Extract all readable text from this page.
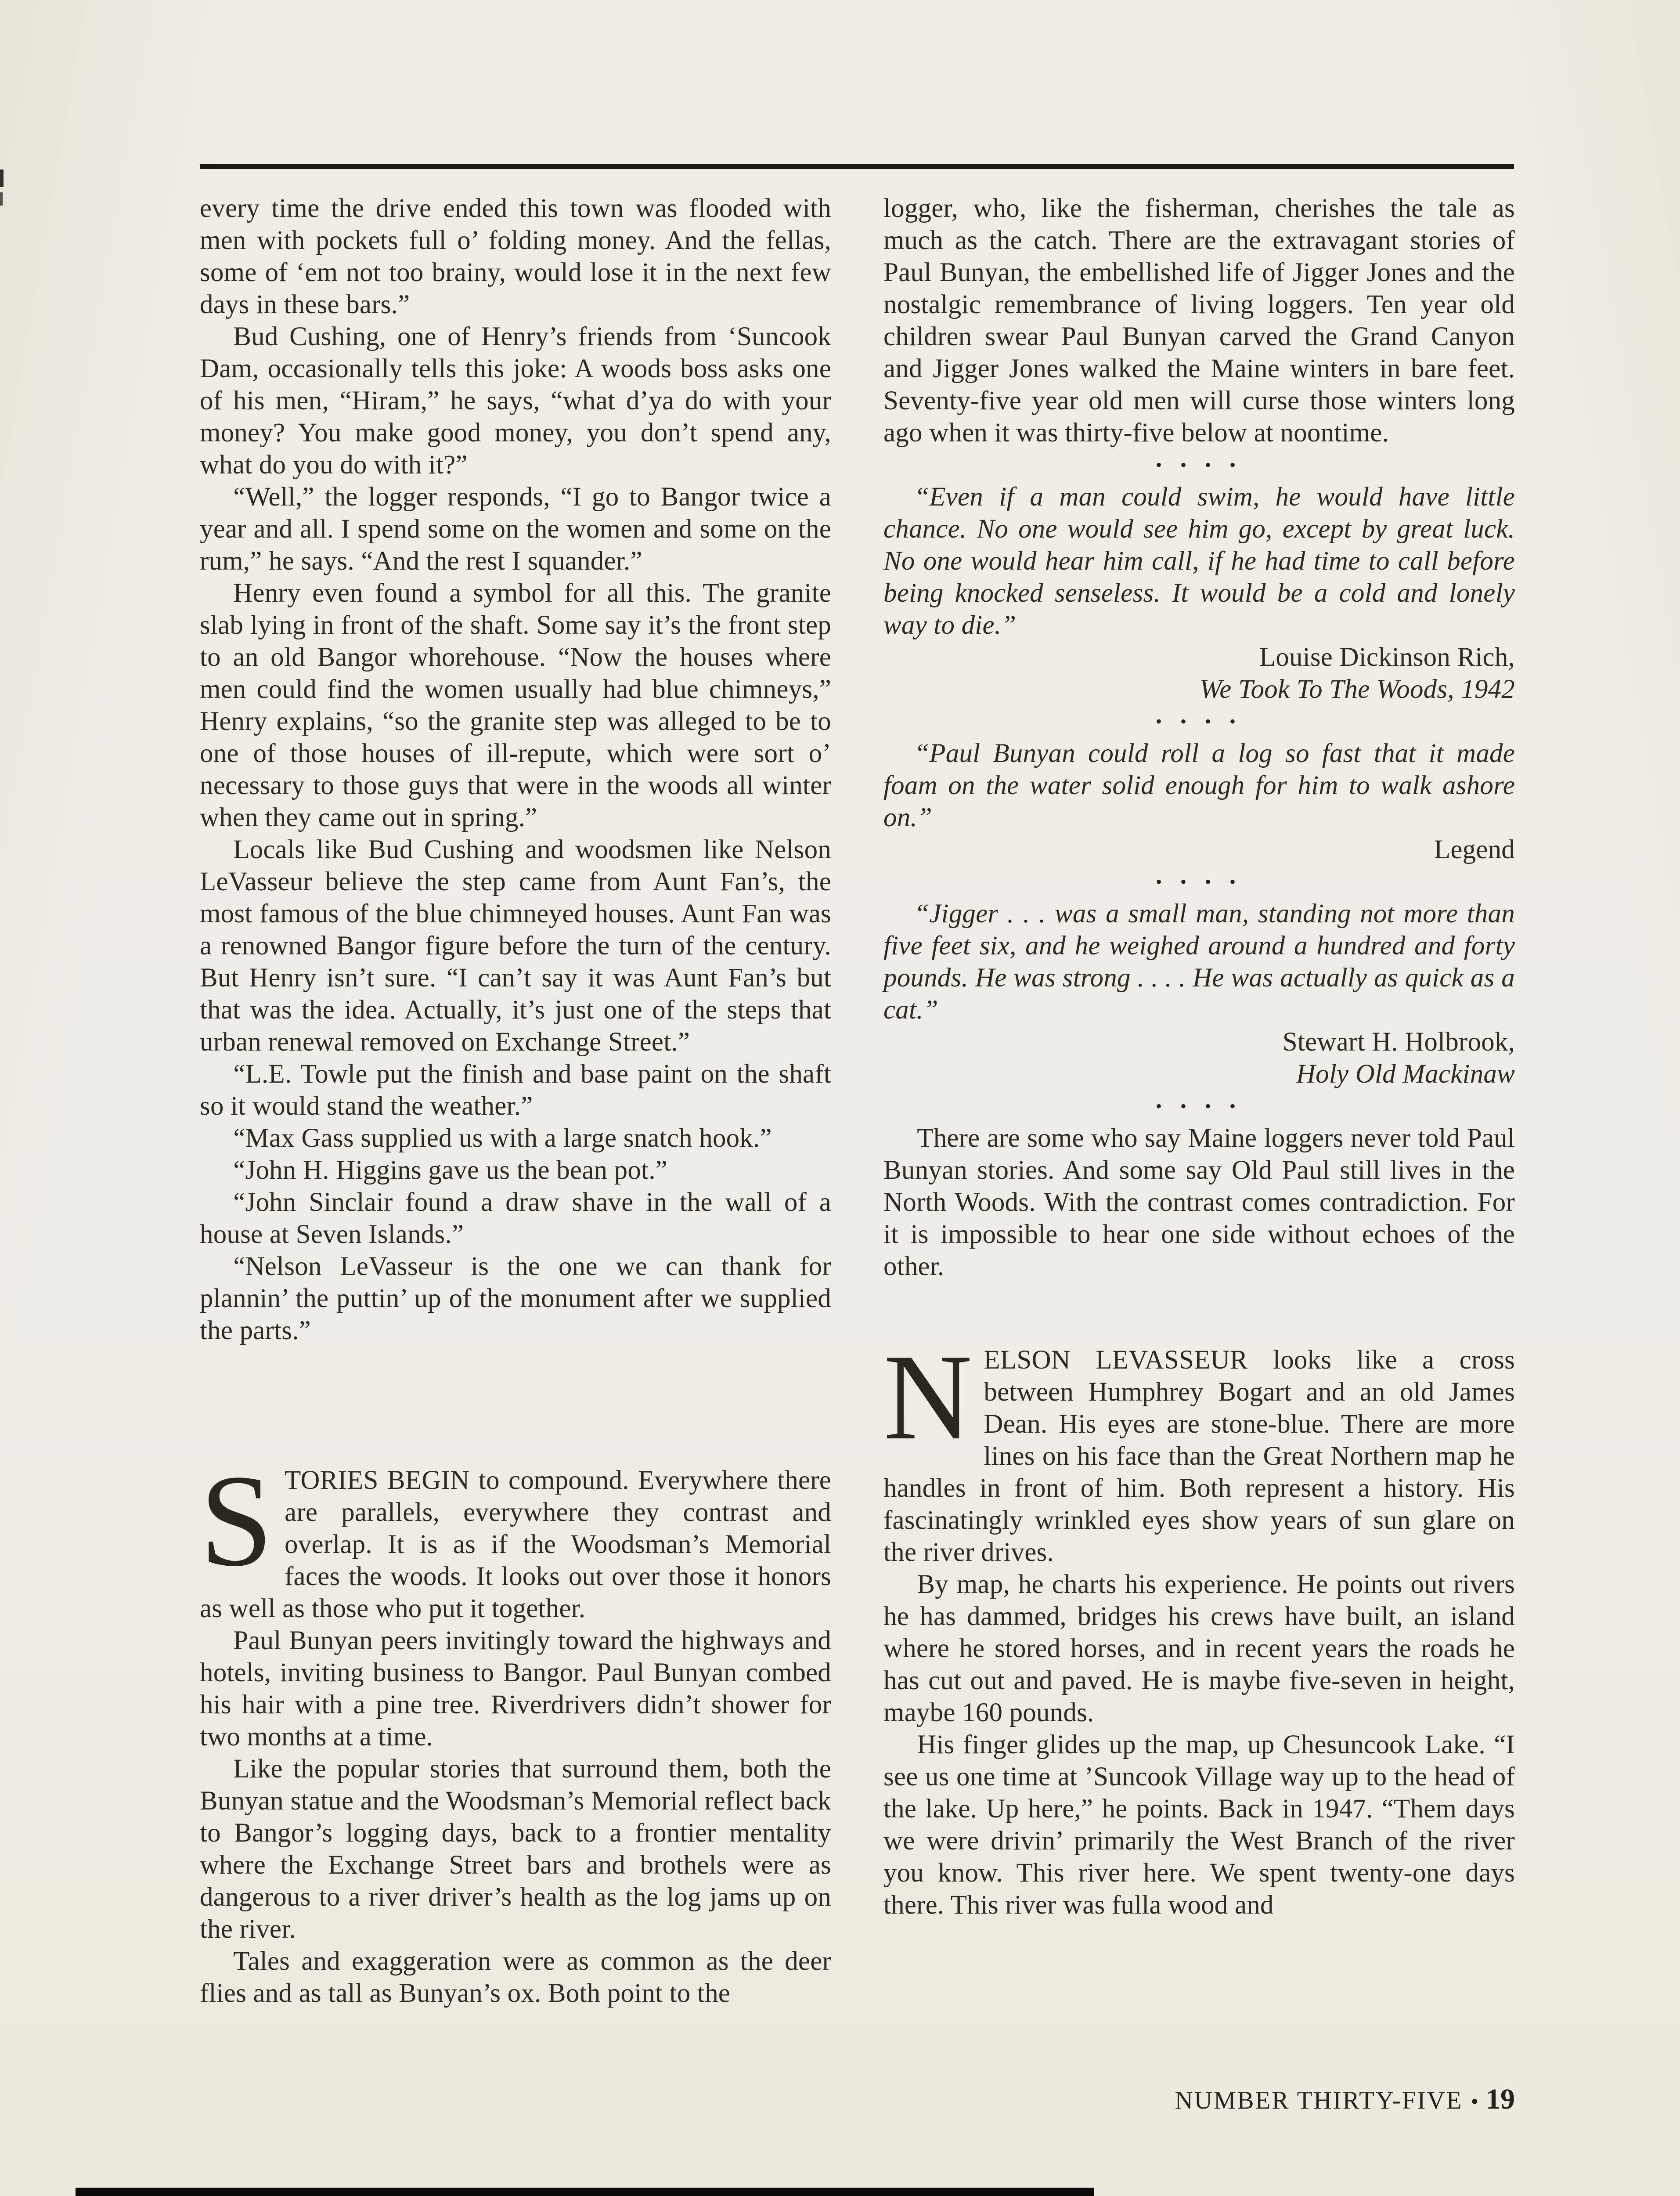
every time the drive ended this town was flooded with men with pockets full o’ folding money. And the fellas, some of ‘em not too brainy, would lose it in the next few days in these bars.”

Bud Cushing, one of Henry’s friends from ‘Suncook Dam, occasionally tells this joke: A woods boss asks one of his men, “Hiram,” he says, “what d’ya do with your money? You make good money, you don’t spend any, what do you do with it?”

“Well,” the logger responds, “I go to Bangor twice a year and all. I spend some on the women and some on the rum,” he says. “And the rest I squander.”

Henry even found a symbol for all this. The granite slab lying in front of the shaft. Some say it’s the front step to an old Bangor whorehouse. “Now the houses where men could find the women usually had blue chimneys,” Henry explains, “so the granite step was alleged to be to one of those houses of ill-repute, which were sort o’ necessary to those guys that were in the woods all winter when they came out in spring.”

Locals like Bud Cushing and woodsmen like Nelson LeVasseur believe the step came from Aunt Fan’s, the most famous of the blue chimneyed houses. Aunt Fan was a renowned Bangor figure before the turn of the century. But Henry isn’t sure. “I can’t say it was Aunt Fan’s but that was the idea. Actually, it’s just one of the steps that urban renewal removed on Exchange Street.”

“L.E. Towle put the finish and base paint on the shaft so it would stand the weather.”

“Max Gass supplied us with a large snatch hook.”

“John H. Higgins gave us the bean pot.”

“John Sinclair found a draw shave in the wall of a house at Seven Islands.”

“Nelson LeVasseur is the one we can thank for plannin’ the puttin’ up of the monument after we supplied the parts.”

STORIES BEGIN to compound. Everywhere there are parallels, everywhere they contrast and overlap. It is as if the Woodsman’s Memorial faces the woods. It looks out over those it honors as well as those who put it together.

Paul Bunyan peers invitingly toward the highways and hotels, inviting business to Bangor. Paul Bunyan combed his hair with a pine tree. Riverdrivers didn’t shower for two months at a time.

Like the popular stories that surround them, both the Bunyan statue and the Woodsman’s Memorial reflect back to Bangor’s logging days, back to a frontier mentality where the Exchange Street bars and brothels were as dangerous to a river driver’s health as the log jams up on the river.

Tales and exaggeration were as common as the deer flies and as tall as Bunyan’s ox. Both point to the

logger, who, like the fisherman, cherishes the tale as much as the catch. There are the extravagant stories of Paul Bunyan, the embellished life of Jigger Jones and the nostalgic remembrance of living loggers. Ten year old children swear Paul Bunyan carved the Grand Canyon and Jigger Jones walked the Maine winters in bare feet. Seventy-five year old men will curse those winters long ago when it was thirty-five below at noontime.

• • • •

“Even if a man could swim, he would have little chance. No one would see him go, except by great luck. No one would hear him call, if he had time to call before being knocked senseless. It would be a cold and lonely way to die.”

Louise Dickinson Rich,
We Took To The Woods, 1942

• • • •

“Paul Bunyan could roll a log so fast that it made foam on the water solid enough for him to walk ashore on.”

Legend

• • • •

“Jigger . . . was a small man, standing not more than five feet six, and he weighed around a hundred and forty pounds. He was strong . . . . He was actually as quick as a cat.”

Stewart H. Holbrook,
Holy Old Mackinaw

• • • •

There are some who say Maine loggers never told Paul Bunyan stories. And some say Old Paul still lives in the North Woods. With the contrast comes contradiction. For it is impossible to hear one side without echoes of the other.

NELSON LEVASSEUR looks like a cross between Humphrey Bogart and an old James Dean. His eyes are stone-blue. There are more lines on his face than the Great Northern map he handles in front of him. Both represent a history. His fascinatingly wrinkled eyes show years of sun glare on the river drives.

By map, he charts his experience. He points out rivers he has dammed, bridges his crews have built, an island where he stored horses, and in recent years the roads he has cut out and paved. He is maybe five-seven in height, maybe 160 pounds.

His finger glides up the map, up Chesuncook Lake. “I see us one time at ’Suncook Village way up to the head of the lake. Up here,” he points. Back in 1947. “Them days we were drivin’ primarily the West Branch of the river you know. This river here. We spent twenty-one days there. This river was fulla wood and

NUMBER THIRTY-FIVE • 19
